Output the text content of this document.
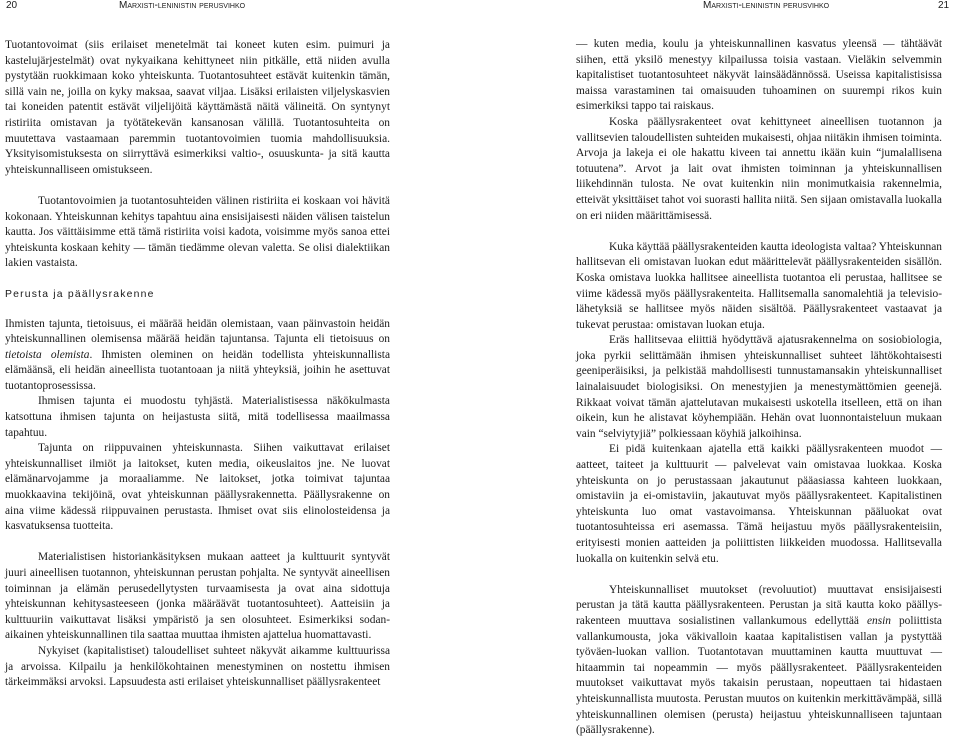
20	Marxisti-leninistin perusvihko

Tuotantovoimat (siis erilaiset menetelmät tai koneet kuten esim. puimuri ja kastelujärjestelmät) ovat nykyaikana kehittyneet niin pitkälle, että niiden avulla pystytään ruokkimaan koko yhteiskunta. Tuotantosuhteet estävät kuitenkin tämän, sillä vain ne, joilla on kyky maksaa, saavat viljaa. Lisäksi erilaisten viljelyskasvien tai koneiden patentit estävät viljelijöitä käyttämästä näitä välineitä. On syntynyt ristiriita omistavan ja työtätekevän kansanosan välillä. Tuotantosuhteita on muutettava vastaamaan paremmin tuotantovoimien tuomia mahdollisuuksia. Yksityisomistuksesta on siirryttävä esimerkiksi valtio-, osuuskunta- ja sitä kautta yhteiskunnalliseen omistukseen.

Tuotantovoimien ja tuotantosuhteiden välinen ristiriita ei koskaan voi hävitä kokonaan. Yhteiskunnan kehitys tapahtuu aina ensisijaisesti näiden välisen taistelun kautta. Jos väittäisimme että tämä ristiriita voisi kadota, voisimme myös sanoa ettei yhteiskunta koskaan kehity — tämän tiedämme olevan valetta. Se olisi dialektiikan lakien vastaista.

Perusta ja päällysrakenne

Ihmisten tajunta, tietoisuus, ei määrää heidän olemistaan, vaan päinvastoin heidän yhteiskunnallinen olemisensa määrää heidän tajuntansa. Tajunta eli tietoisuus on tietoista olemista. Ihmisten oleminen on heidän todellista yhteiskunnallista elämäänsä, eli heidän aineellista tuotantoaan ja niitä yhteyksiä, joihin he asettuvat tuotantoprosessissa.

Ihmisen tajunta ei muodostu tyhjästä. Materialistisessa näkökulmasta katsottuna ihmisen tajunta on heijastusta siitä, mitä todellisessa maailmassa tapahtuu.

Tajunta on riippuvainen yhteiskunnasta. Siihen vaikuttavat erilaiset yhteiskunnalliset ilmiöt ja laitokset, kuten media, oikeuslaitos jne. Ne luovat elämänarvojamme ja moraaliamme. Ne laitokset, jotka toimivat tajuntaa muokkaavina tekijöinä, ovat yhteiskunnan päällysrakennetta. Päällysrakenne on aina viime kädessä riippuvainen perustasta. Ihmiset ovat siis elinolosteidensa ja kasvatuksensa tuotteita.

Materialistisen historiankäsityksen mukaan aatteet ja kulttuurit syntyvät juuri aineellisen tuotannon, yhteiskunnan perustan pohjalta. Ne syntyvät aineellisen toiminnan ja elämän perusedellytysten turvaamisesta ja ovat aina sidottuja yhteiskunnan kehitysasteeseen (jonka määräävät tuotantosuhteet). Aatteisiin ja kulttuuriin vaikuttavat lisäksi ympäristö ja sen olosuhteet. Esimerkiksi sodan-aikainen yhteiskunnallinen tila saattaa muuttaa ihmisten ajattelua huomattavasti.

Nykyiset (kapitalistiset) taloudelliset suhteet näkyvät aikamme kulttuurissa ja arvoissa. Kilpailu ja henkilökohtainen menestyminen on nostettu ihmisen tärkeimmäksi arvoksi. Lapsuudesta asti erilaiset yhteiskunnalliset päällysrakenteet

Marxisti-leninistin perusvihko	21

— kuten media, koulu ja yhteiskunnallinen kasvatus yleensä — tähtäävät siihen, että yksilö menestyy kilpailussa toisia vastaan. Vieläkin selvemmin kapitalistiset tuotantosuhteet näkyvät lainsäädännössä. Useissa kapitalistisissa maissa varastaminen tai omaisuuden tuhoaminen on suurempi rikos kuin esimerkiksi tappo tai raiskaus.

Koska päällysrakenteet ovat kehittyneet aineellisen tuotannon ja vallitsevien taloudellisten suhteiden mukaisesti, ohjaa niitäkin ihmisen toiminta. Arvoja ja lakeja ei ole hakattu kiveen tai annettu ikään kuin “jumalallisena totuutena”. Arvot ja lait ovat ihmisten toiminnan ja yhteiskunnallisen liikehdinnän tulosta. Ne ovat kuitenkin niin monimutkaisia rakennelmia, etteivät yksittäiset tahot voi suorasti hallita niitä. Sen sijaan omistavalla luokalla on eri niiden määrittämisessä.

Kuka käyttää päällysrakenteiden kautta ideologista valtaa? Yhteiskunnan hallitsevan eli omistavan luokan edut määrittelevät päällysrakenteiden sisällön. Koska omistava luokka hallitsee aineellista tuotantoa eli perustaa, hallitsee se viime kädessä myös päällysrakenteita. Hallitsemalla sanomalehtiä ja televisio-lähetyksiä se hallitsee myös näiden sisältöä. Päällysrakenteet vastaavat ja tukevat perustaa: omistavan luokan etuja.

Eräs hallitsevaa eliittiä hyödyttävä ajatusrakennelma on sosiobiologia, joka pyrkii selittämään ihmisen yhteiskunnalliset suhteet lähtökohtaisesti geeniperäisiksi, ja pelkistää mahdollisesti tunnustamansakin yhteiskunnalliset lainalaisuudet biologisiksi. On menestyjien ja menestymättömien geenejä. Rikkaat voivat tämän ajattelutavan mukaisesti uskotella itselleen, että on ihan oikein, kun he alistavat köyhempiään. Hehän ovat luonnontaisteluun mukaan vain “selviytyjiä” polkiessaan köyhiä jalkoihinsa.

Ei pidä kuitenkaan ajatella että kaikki päällysrakenteen muodot — aatteet, taiteet ja kulttuurit — palvelevat vain omistavaa luokkaa. Koska yhteiskunta on jo perustassaan jakautunut pääasiassa kahteen luokkaan, omistaviin ja ei-omistaviin, jakautuvat myös päällysrakenteet. Kapitalistinen yhteiskunta luo omat vastavoimansa. Yhteiskunnan pääluokat ovat tuotantosuhteissa eri asemassa. Tämä heijastuu myös päällysrakenteisiin, erityisesti monien aatteiden ja poliittisten liikkeiden muodossa. Hallitsevalla luokalla on kuitenkin selvä etu.

Yhteiskunnalliset muutokset (revoluutiot) muuttavat ensisijaisesti perustan ja tätä kautta päällysrakenteen. Perustan ja sitä kautta koko päällys-rakenteen muuttava sosialistinen vallankumous edellyttää ensin poliittista vallankumousta, joka väkivalloin kaataa kapitalistisen vallan ja pystyttää työväen-luokan vallion. Tuotantotavan muuttaminen kautta muuttuvat — hitaammin tai nopeammin — myös päällysrakenteet. Päällysrakenteiden muutokset vaikuttavat myös takaisin perustaan, nopeuttaen tai hidastaen yhteiskunnallista muutosta. Perustan muutos on kuitenkin merkittävämpää, sillä yhteiskunnallinen olemisen (perusta) heijastuu yhteiskunnalliseen tajuntaan (päällysrakenne).
